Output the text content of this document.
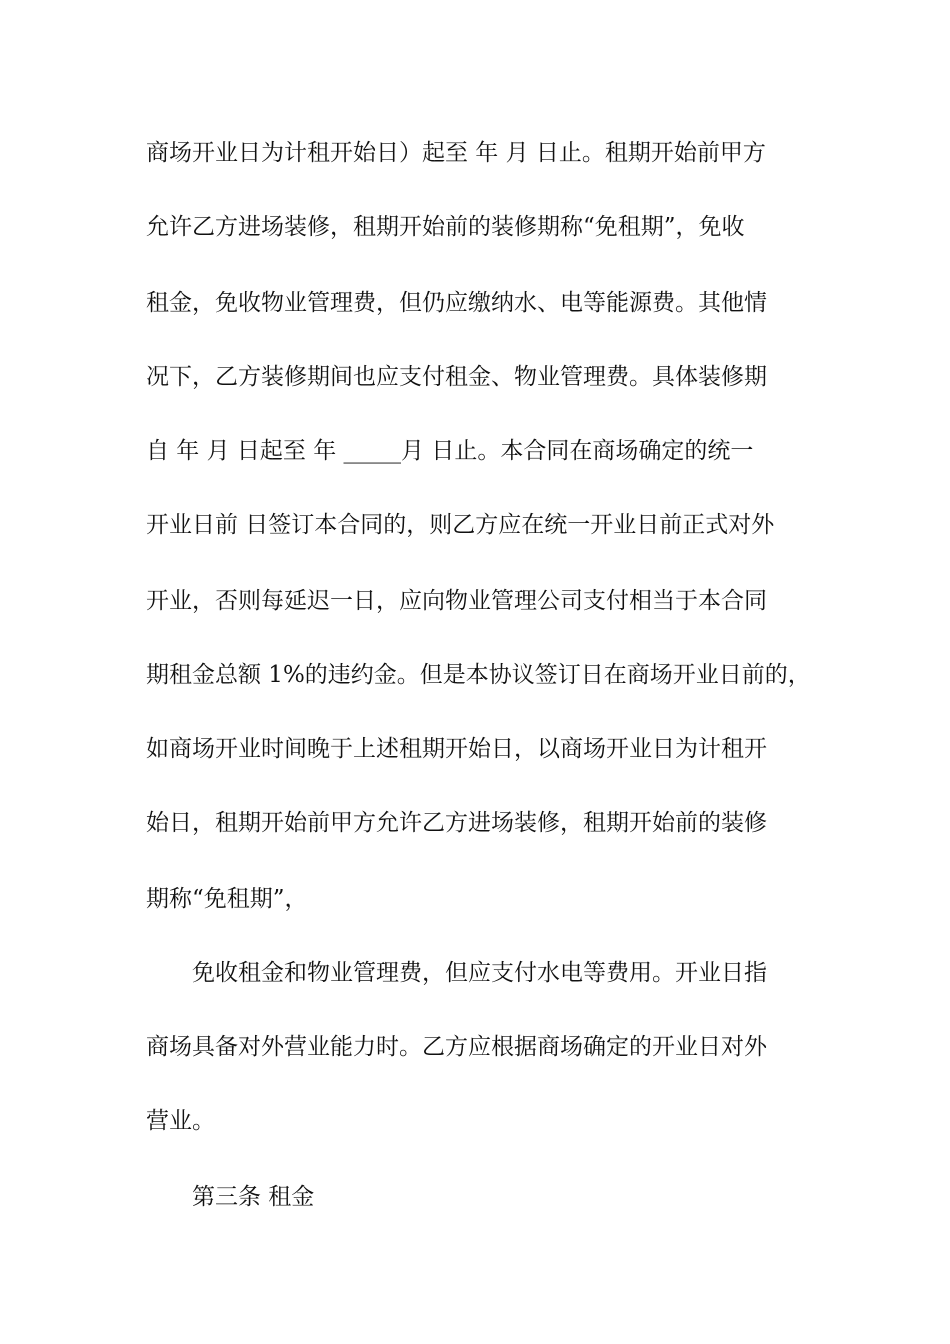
商场开业日为计租开始日）起至 年 月 日止。租期开始前甲方
允许乙方进场装修，租期开始前的装修期称“免租期”，免收
租金，免收物业管理费，但仍应缴纳水、电等能源费。其他情
况下，乙方装修期间也应支付租金、物业管理费。具体装修期
自 年 月 日起至 年 _____月 日止。本合同在商场确定的统一
开业日前 日签订本合同的，则乙方应在统一开业日前正式对外
开业，否则每延迟一日，应向物业管理公司支付相当于本合同
期租金总额 1%的违约金。但是本协议签订日在商场开业日前的，
如商场开业时间晚于上述租期开始日，以商场开业日为计租开
始日，租期开始前甲方允许乙方进场装修，租期开始前的装修
期称“免租期”，
免收租金和物业管理费，但应支付水电等费用。开业日指
商场具备对外营业能力时。乙方应根据商场确定的开业日对外
营业。
第三条 租金
